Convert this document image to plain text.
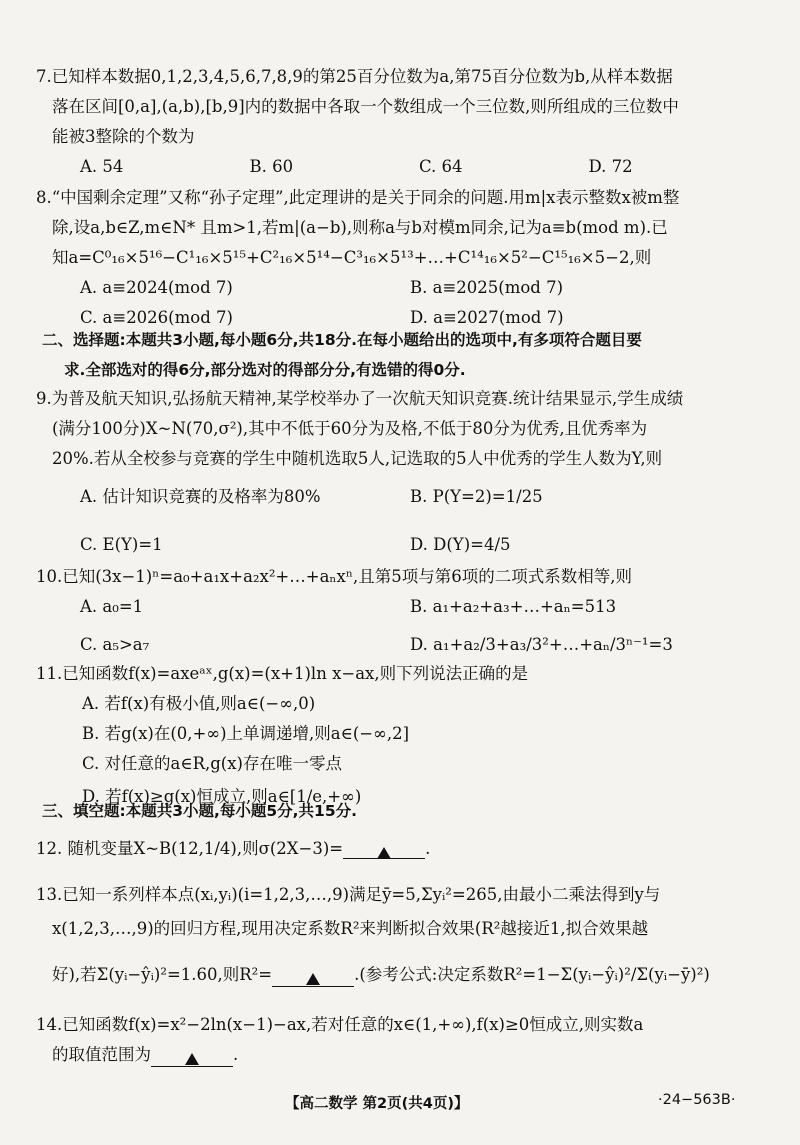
7.已知样本数据0,1,2,3,4,5,6,7,8,9的第25百分位数为a,第75百分位数为b,从样本数据
落在区间[0,a],(a,b),[b,9]内的数据中各取一个数组成一个三位数,则所组成的三位数中
能被3整除的个数为
A. 54	B. 60	C. 64	D. 72
8.“中国剩余定理”又称“孙子定理”,此定理讲的是关于同余的问题.用m|x表示整数x被m整
除,设a,b∈Z,m∈N* 且m>1,若m|(a−b),则称a与b对模m同余,记为a≡b(mod m).已
知a=C⁰₁₆×5¹⁶−C¹₁₆×5¹⁵+C²₁₆×5¹⁴−C³₁₆×5¹³+…+C¹⁴₁₆×5²−C¹⁵₁₆×5−2,则
A. a≡2024(mod 7)	B. a≡2025(mod 7)
C. a≡2026(mod 7)	D. a≡2027(mod 7)
二、选择题:本题共3小题,每小题6分,共18分.在每小题给出的选项中,有多项符合题目要
求.全部选对的得6分,部分选对的得部分分,有选错的得0分.
9.为普及航天知识,弘扬航天精神,某学校举办了一次航天知识竞赛.统计结果显示,学生成绩
(满分100分)X~N(70,σ²),其中不低于60分为及格,不低于80分为优秀,且优秀率为
20%.若从全校参与竞赛的学生中随机选取5人,记选取的5人中优秀的学生人数为Y,则
A. 估计知识竞赛的及格率为80%	B. P(Y=2)=1/25
C. E(Y)=1	D. D(Y)=4/5
10.已知(3x−1)ⁿ=a₀+a₁x+a₂x²+…+aₙxⁿ,且第5项与第6项的二项式系数相等,则
A. a₀=1	B. a₁+a₂+a₃+…+aₙ=513
C. a₅>a₇	D. a₁+a₂/3+a₃/3²+…+aₙ/3ⁿ⁻¹=3
11.已知函数f(x)=axeᵃˣ,g(x)=(x+1)ln x−ax,则下列说法正确的是
A. 若f(x)有极小值,则a∈(−∞,0)
B. 若g(x)在(0,+∞)上单调递增,则a∈(−∞,2]
C. 对任意的a∈R,g(x)存在唯一零点
D. 若f(x)≥g(x)恒成立,则a∈[1/e,+∞)
三、填空题:本题共3小题,每小题5分,共15分.
12. 随机变量X~B(12,1/4),则σ(2X−3)=	.
13.已知一系列样本点(xᵢ,yᵢ)(i=1,2,3,…,9)满足ȳ=5,Σyᵢ²=265,由最小二乘法得到y与
x(1,2,3,…,9)的回归方程,现用决定系数R²来判断拟合效果(R²越接近1,拟合效果越
好),若Σ(yᵢ−ŷᵢ)²=1.60,则R²=	.(参考公式:决定系数R²=1−Σ(yᵢ−ŷᵢ)²/Σ(yᵢ−ȳ)²)
14.已知函数f(x)=x²−2ln(x−1)−ax,若对任意的x∈(1,+∞),f(x)≥0恒成立,则实数a
的取值范围为	.
【高二数学 第2页(共4页)】	·24−563B·
